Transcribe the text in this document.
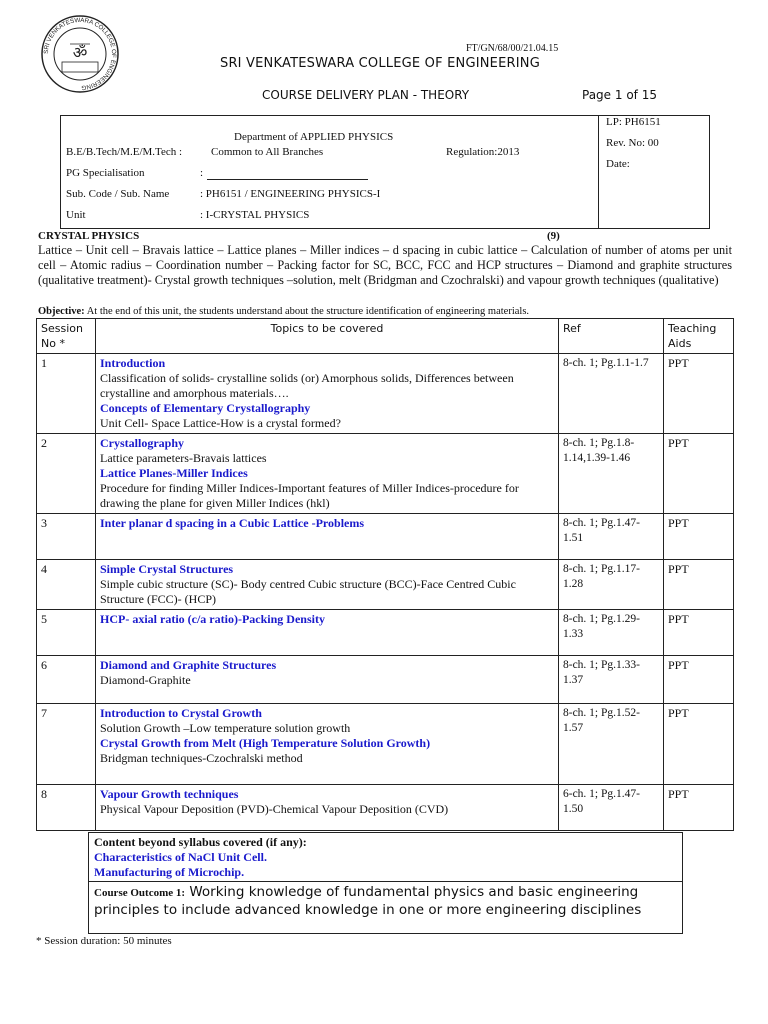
SRI VENKATESWARA COLLEGE OF ENGINEERING
ॐ	FT/GN/68/00/21.04.15
SRI VENKATESWARA COLLEGE OF ENGINEERING
COURSE DELIVERY PLAN - THEORY	Page 1 of 15
Department of APPLIED PHYSICS
B.E/B.Tech/M.E/M.Tech :	Common to All Branches	Regulation:2013
PG Specialisation	:
Sub. Code / Sub. Name	: PH6151 / ENGINEERING PHYSICS-I
Unit	: I-CRYSTAL PHYSICS
LP: PH6151
Rev. No: 00
Date:
CRYSTAL PHYSICS	(9)
Lattice – Unit cell – Bravais lattice – Lattice planes – Miller indices – d spacing in cubic lattice – Calculation of number of atoms per unit cell – Atomic radius – Coordination number – Packing factor for SC, BCC, FCC and HCP structures – Diamond and graphite structures (qualitative treatment)- Crystal growth techniques –solution, melt (Bridgman and Czochralski) and vapour growth techniques (qualitative)
Objective: At the end of this unit, the students understand about the structure identification of engineering materials.
Session No *	Topics to be covered	Ref	Teaching Aids
1	Introduction
Classification of solids- crystalline solids (or) Amorphous solids, Differences between crystalline and amorphous materials….
Concepts of Elementary Crystallography
Unit Cell- Space Lattice-How is a crystal formed?	8-ch. 1; Pg.1.1-1.7	PPT
2	Crystallography
Lattice parameters-Bravais lattices
Lattice Planes-Miller Indices
Procedure for finding Miller Indices-Important features of Miller Indices-procedure for drawing the plane for given Miller Indices (hkl)	8-ch. 1; Pg.1.8-1.14,1.39-1.46	PPT
3	Inter planar d spacing in a Cubic Lattice -Problems	8-ch. 1; Pg.1.47-1.51	PPT
4	Simple Crystal Structures
Simple cubic structure (SC)- Body centred Cubic structure (BCC)-Face Centred Cubic Structure (FCC)- (HCP)	8-ch. 1; Pg.1.17-1.28	PPT
5	HCP- axial ratio (c/a ratio)-Packing Density	8-ch. 1; Pg.1.29-1.33	PPT
6	Diamond and Graphite Structures
Diamond-Graphite	8-ch. 1; Pg.1.33-1.37	PPT
7	Introduction to Crystal Growth
Solution Growth –Low temperature solution growth
Crystal Growth from Melt (High Temperature Solution Growth)
Bridgman techniques-Czochralski method	8-ch. 1; Pg.1.52-1.57	PPT
8	Vapour Growth techniques
Physical Vapour Deposition (PVD)-Chemical Vapour Deposition (CVD)	6-ch. 1; Pg.1.47-1.50	PPT
Content beyond syllabus covered (if any):
Characteristics of NaCl Unit Cell.
Manufacturing of Microchip.
Course Outcome 1: Working knowledge of fundamental physics and basic engineering principles to include advanced knowledge in one or more engineering disciplines
* Session duration: 50 minutes
